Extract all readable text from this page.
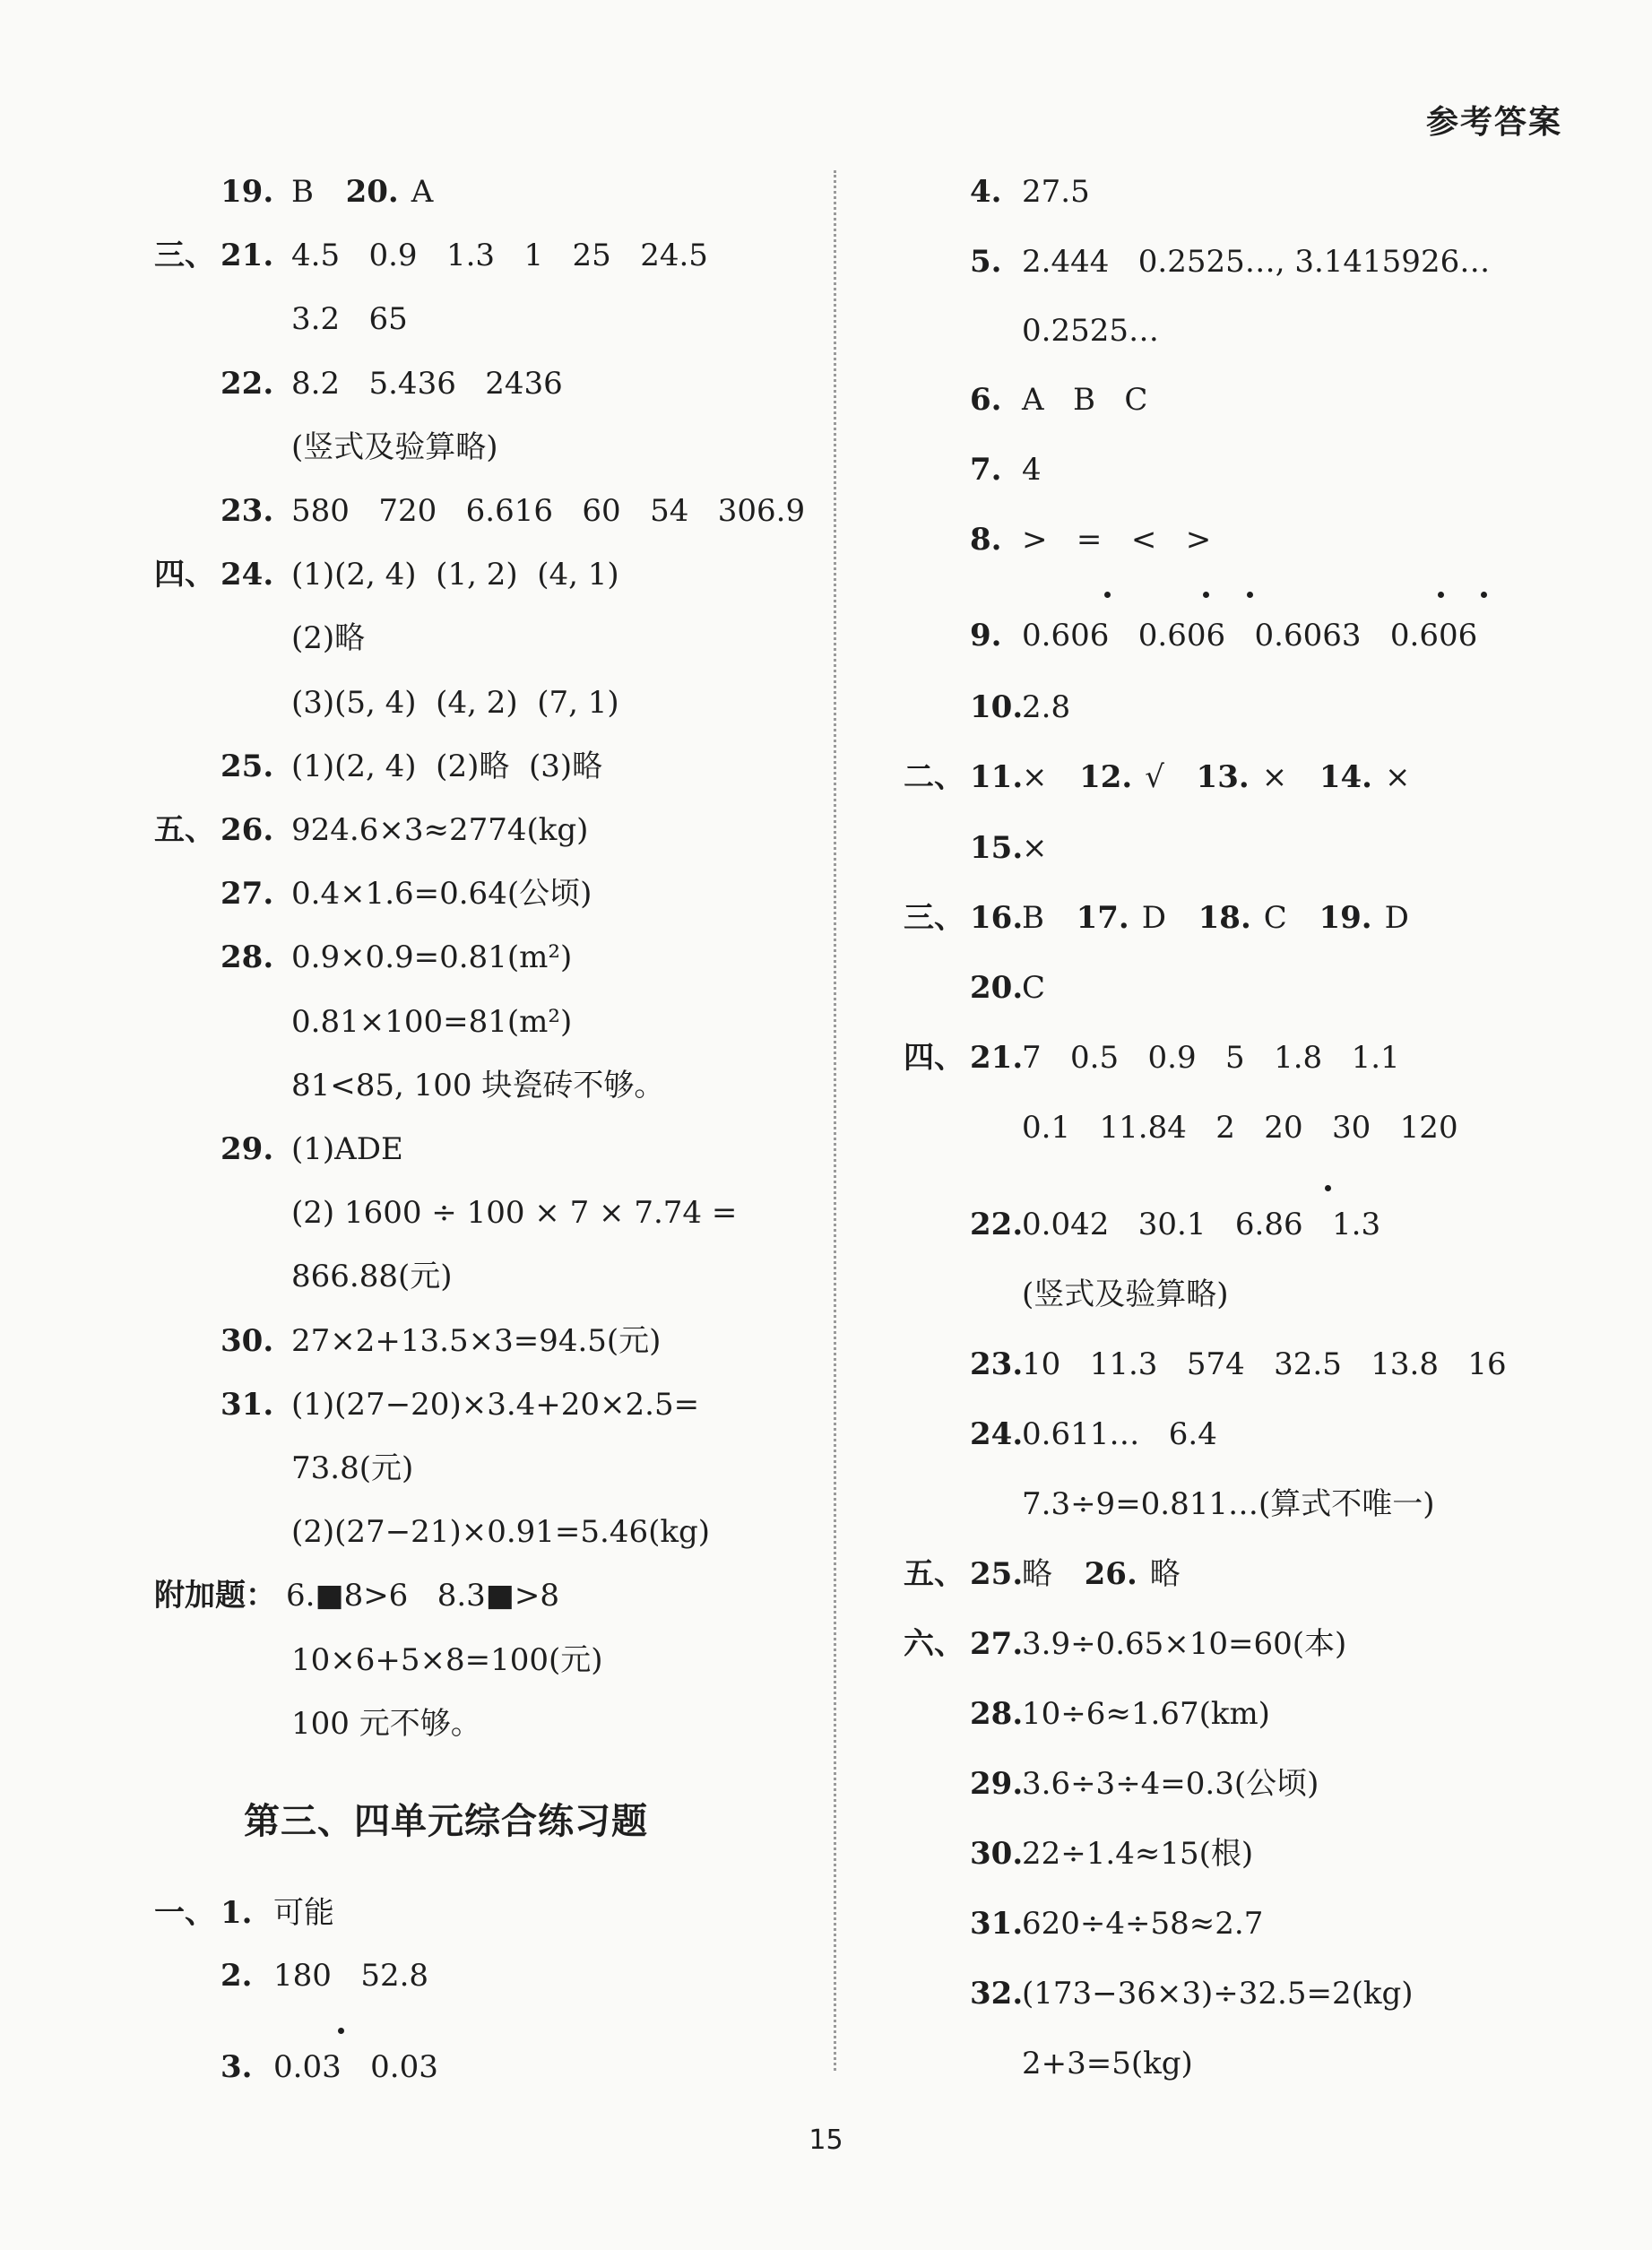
参考答案
19. B  20. A
三、 21. 4.5   0.9   1.3   1   25   24.5
3.2   65
22. 8.2   5.436   2436
(竖式及验算略)
23. 580   720   6.616   60   54   306.9
四、 24. (1)(2, 4)  (1, 2)  (4, 1)
(2)略
(3)(5, 4)  (4, 2)  (7, 1)
25. (1)(2, 4)  (2)略  (3)略
五、 26. 924.6×3≈2774(kg)
27. 0.4×1.6=0.64(公顷)
28. 0.9×0.9=0.81(m²)
0.81×100=81(m²)
81<85, 100 块瓷砖不够。
29. (1)ADE
(2) 1600 ÷ 100 × 7 × 7.74 =
866.88(元)
30. 27×2+13.5×3=94.5(元)
31. (1)(27−20)×3.4+20×2.5=
73.8(元)
(2)(27−21)×0.91=5.46(kg)
附加题： 6.■8>6   8.3■>8
10×6+5×8=100(元)
100 元不够。
第三、四单元综合练习题
一、 1. 可能
2. 180   52.8
3. 0.03   0.03
4. 27.5
5. 2.444   0.2525…, 3.1415926…
0.2525…
6. A   B   C
7. 4
8. >   =   <   >
9. 0.606   0.606   0.6063   0.606
10.
2.8
二、 11.
×  12. √  13. ×  14. ×
15.
×
三、 16.
B  17. D  18. C  19. D
20.
C
四、 21.
7   0.5   0.9   5   1.8   1.1
0.1   11.84   2   20   30   120
22.
0.042   30.1   6.86   1.3
(竖式及验算略)
23.
10   11.3   574   32.5   13.8   16
24.
0.611…   6.4
7.3÷9=0.811…(算式不唯一)
五、 25.
略  26. 略
六、 27.
3.9÷0.65×10=60(本)
28.
10÷6≈1.67(km)
29.
3.6÷3÷4=0.3(公顷)
30.
22÷1.4≈15(根)
31.
620÷4÷58≈2.7
32.
(173−36×3)÷32.5=2(kg)
2+3=5(kg)
15
